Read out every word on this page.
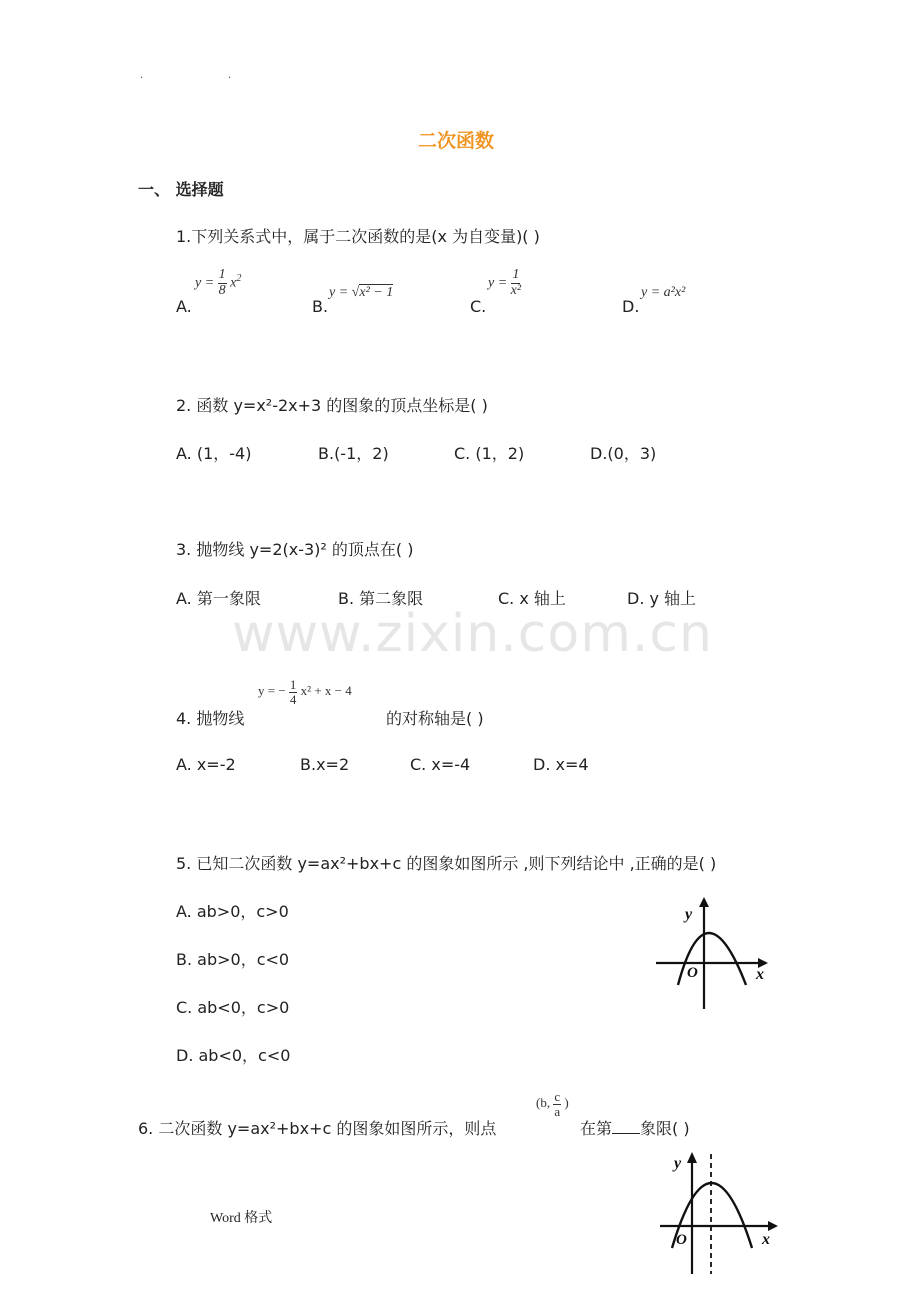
.	.
二次函数
一、 选择题
1.下列关系式中，属于二次函数的是(x 为自变量)( )
A.
$y = \frac{1}{8} x^2$
B.
y = √x² − 1
C.
$y = \frac{1}{\text{x²}}$
D.
y = a²x²
2. 函数 y=x²-2x+3 的图象的顶点坐标是( )
A. (1，-4)	B.(-1，2)	C. (1，2)	D.(0，3)
3. 抛物线 y=2(x-3)² 的顶点在( )
A. 第一象限	B. 第二象限	C. x 轴上	D. y 轴上
www.zixin.com.cn
4. 抛物线
y = − $\frac{1}{4} x^2 + x - 4$
的对称轴是( )
A. x=-2	B.x=2	C. x=-4	D. x=4
5. 已知二次函数 y=ax²+bx+c 的图象如图所示 ,则下列结论中 ,正确的是( )
A. ab>0，c>0
B. ab>0，c<0
C. ab<0，c>0
D. ab<0，c<0
y
x
O
6. 二次函数 y=ax²+bx+c 的图象如图所示，则点
(b, $\frac{c}{a}$ )
在第 象限( )
y
x
O
Word 格式
